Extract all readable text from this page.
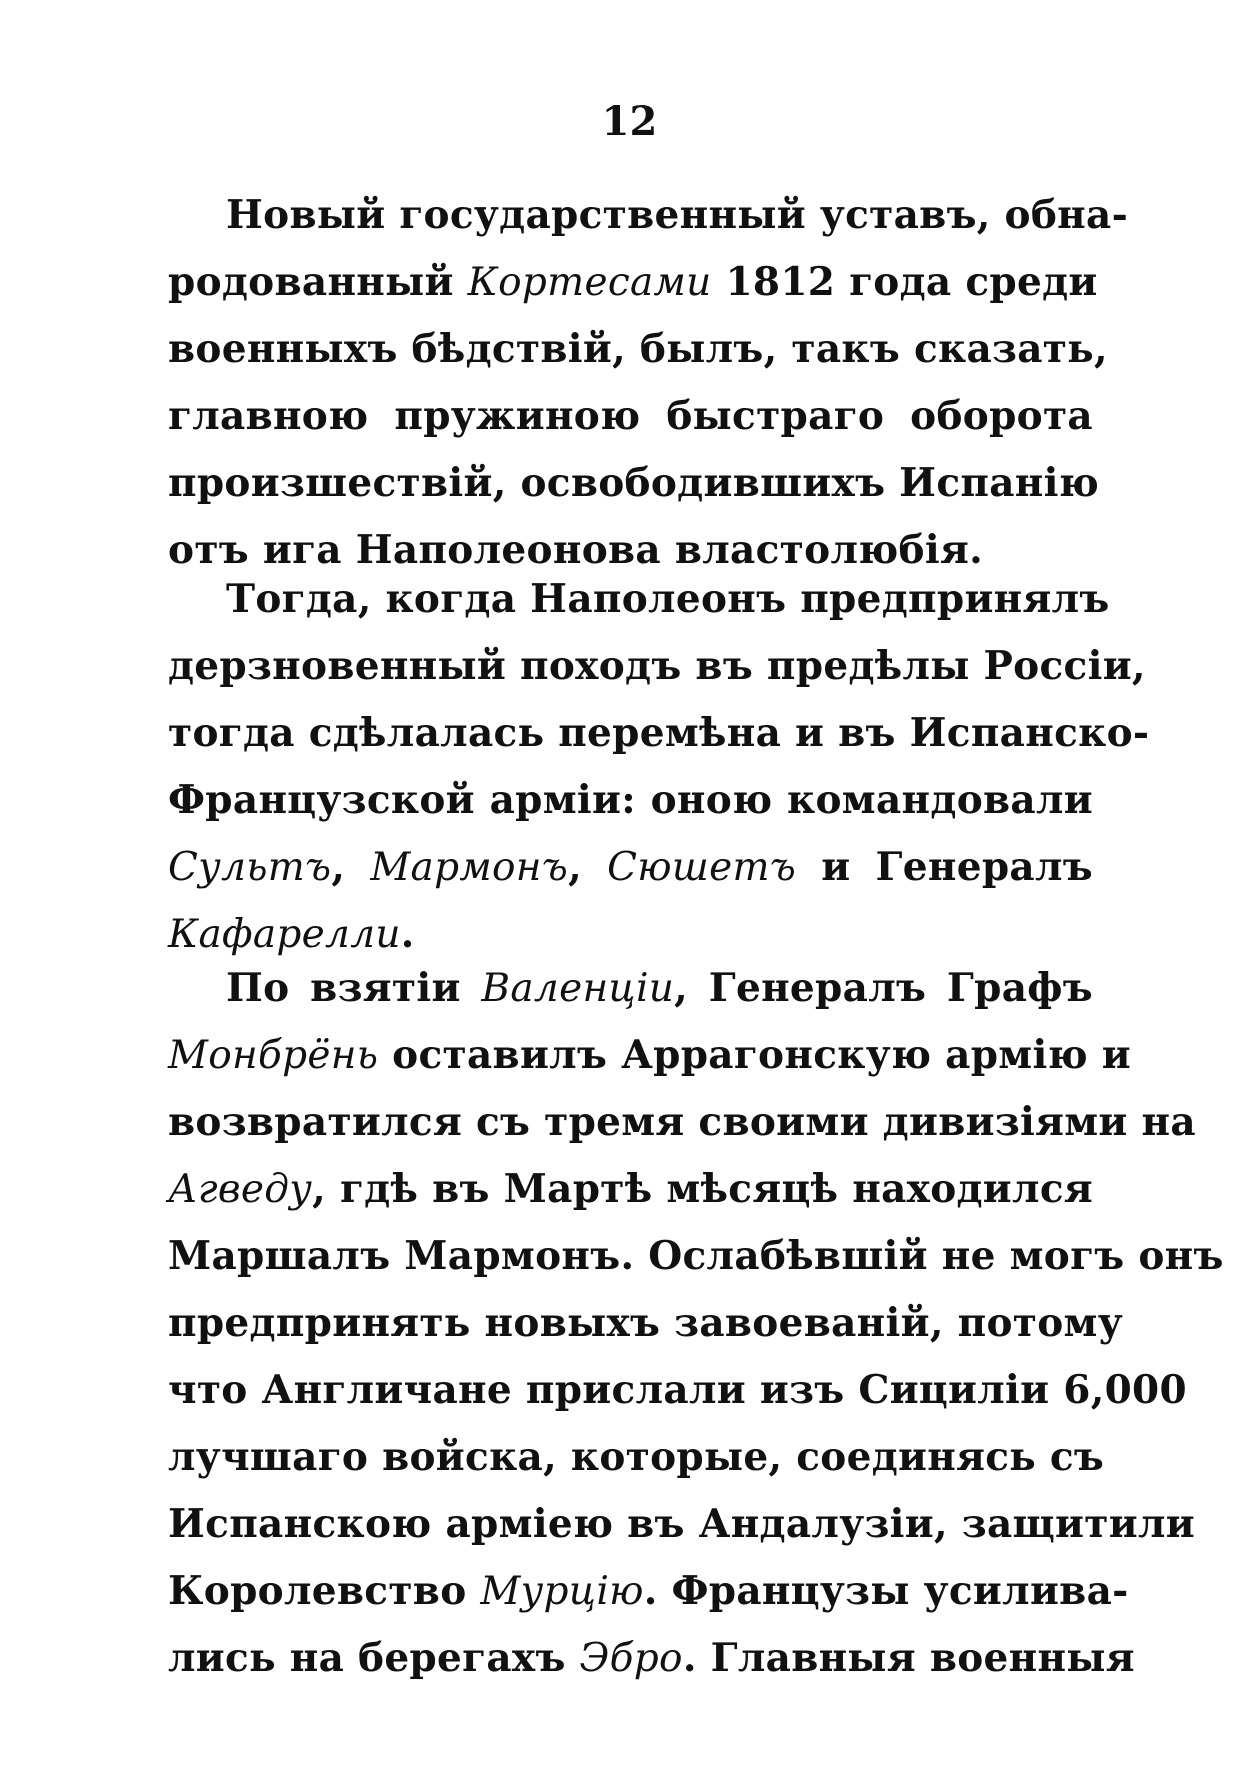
12
Новый государственный уставъ, обна-
родованный Кортесами 1812 года среди
военныхъ бѣдствій, былъ, такъ сказать,
главною пружиною быстраго оборота
произшествій, освободившихъ Испанію
отъ ига Наполеонова властолюбія.
Тогда, когда Наполеонъ предпринялъ
дерзновенный походъ въ предѣлы Россіи,
тогда сдѣлалась перемѣна и въ Испанско-
Французской арміи: оною командовали
Сультъ, Мармонъ, Сюшетъ и Генералъ
Кафарелли.
По взятіи Валенціи, Генералъ Графъ
Монбрёнь оставилъ Аррагонскую армію и
возвратился съ тремя своими дивизіями на
Агведу, гдѣ въ Мартѣ мѣсяцѣ находился
Маршалъ Мармонъ. Ослабѣвшій не могъ онъ
предпринять новыхъ завоеваній, потому
что Англичане прислали изъ Сициліи 6,000
лучшаго войска, которые, соединясь съ
Испанскою арміею въ Андалузіи, защитили
Королевство Мурцію. Французы усилива-
лись на берегахъ Эбро. Главныя военныя
